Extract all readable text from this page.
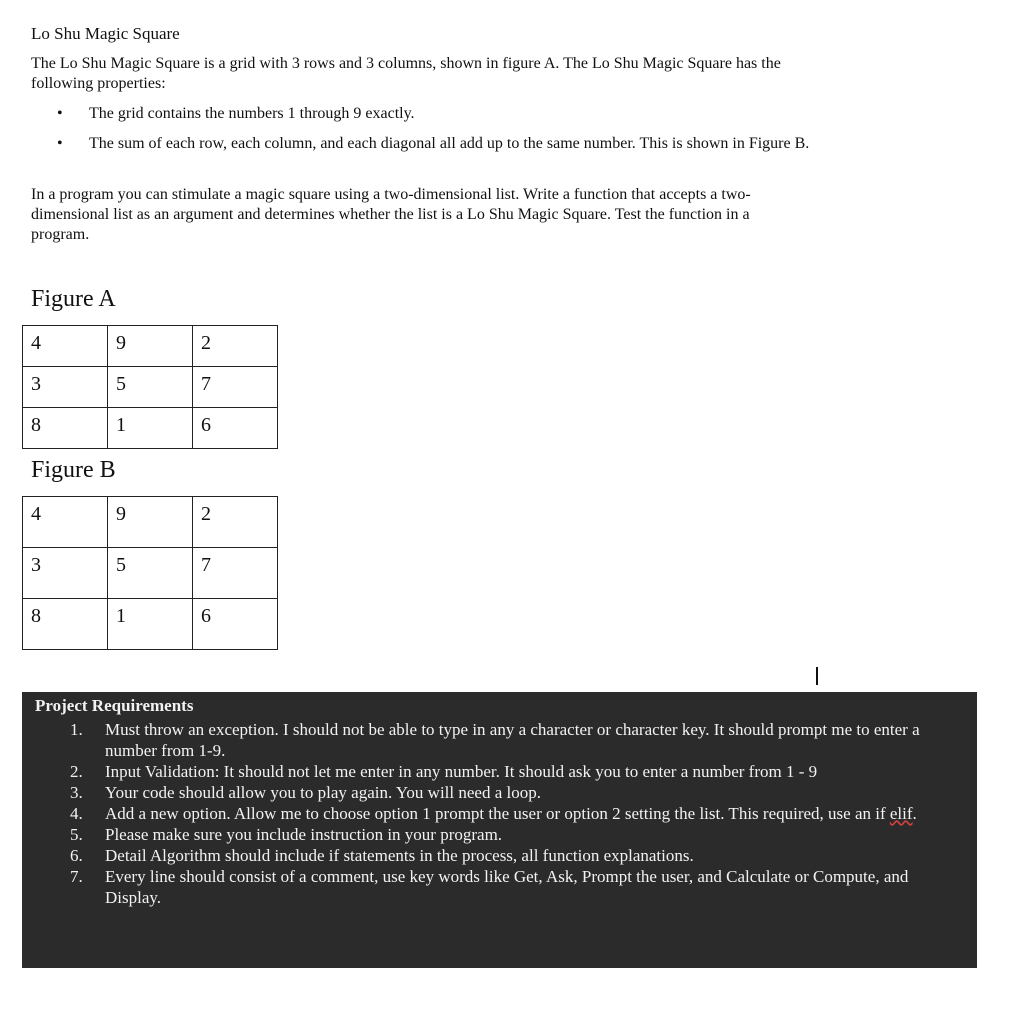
Lo Shu Magic Square

The Lo Shu Magic Square is a grid with 3 rows and 3 columns, shown in figure A. The Lo Shu Magic Square has the following properties:

• The grid contains the numbers 1 through 9 exactly.
• The sum of each row, each column, and each diagonal all add up to the same number. This is shown in Figure B.

In a program you can stimulate a magic square using a two-dimensional list. Write a function that accepts a two-dimensional list as an argument and determines whether the list is a Lo Shu Magic Square. Test the function in a program.

Figure A
4	9	2
3	5	7
8	1	6
Figure B
4	9	2
3	5	7
8	1	6

Project Requirements

1. Must throw an exception. I should not be able to type in any a character or character key. It should prompt me to enter a number from 1-9.
2. Input Validation: It should not let me enter in any number. It should ask you to enter a number from 1 - 9
3. Your code should allow you to play again. You will need a loop.
4. Add a new option. Allow me to choose option 1 prompt the user or option 2 setting the list. This required, use an if elif.
5. Please make sure you include instruction in your program.
6. Detail Algorithm should include if statements in the process, all function explanations.
7. Every line should consist of a comment, use key words like Get, Ask, Prompt the user, and Calculate or Compute, and Display.
